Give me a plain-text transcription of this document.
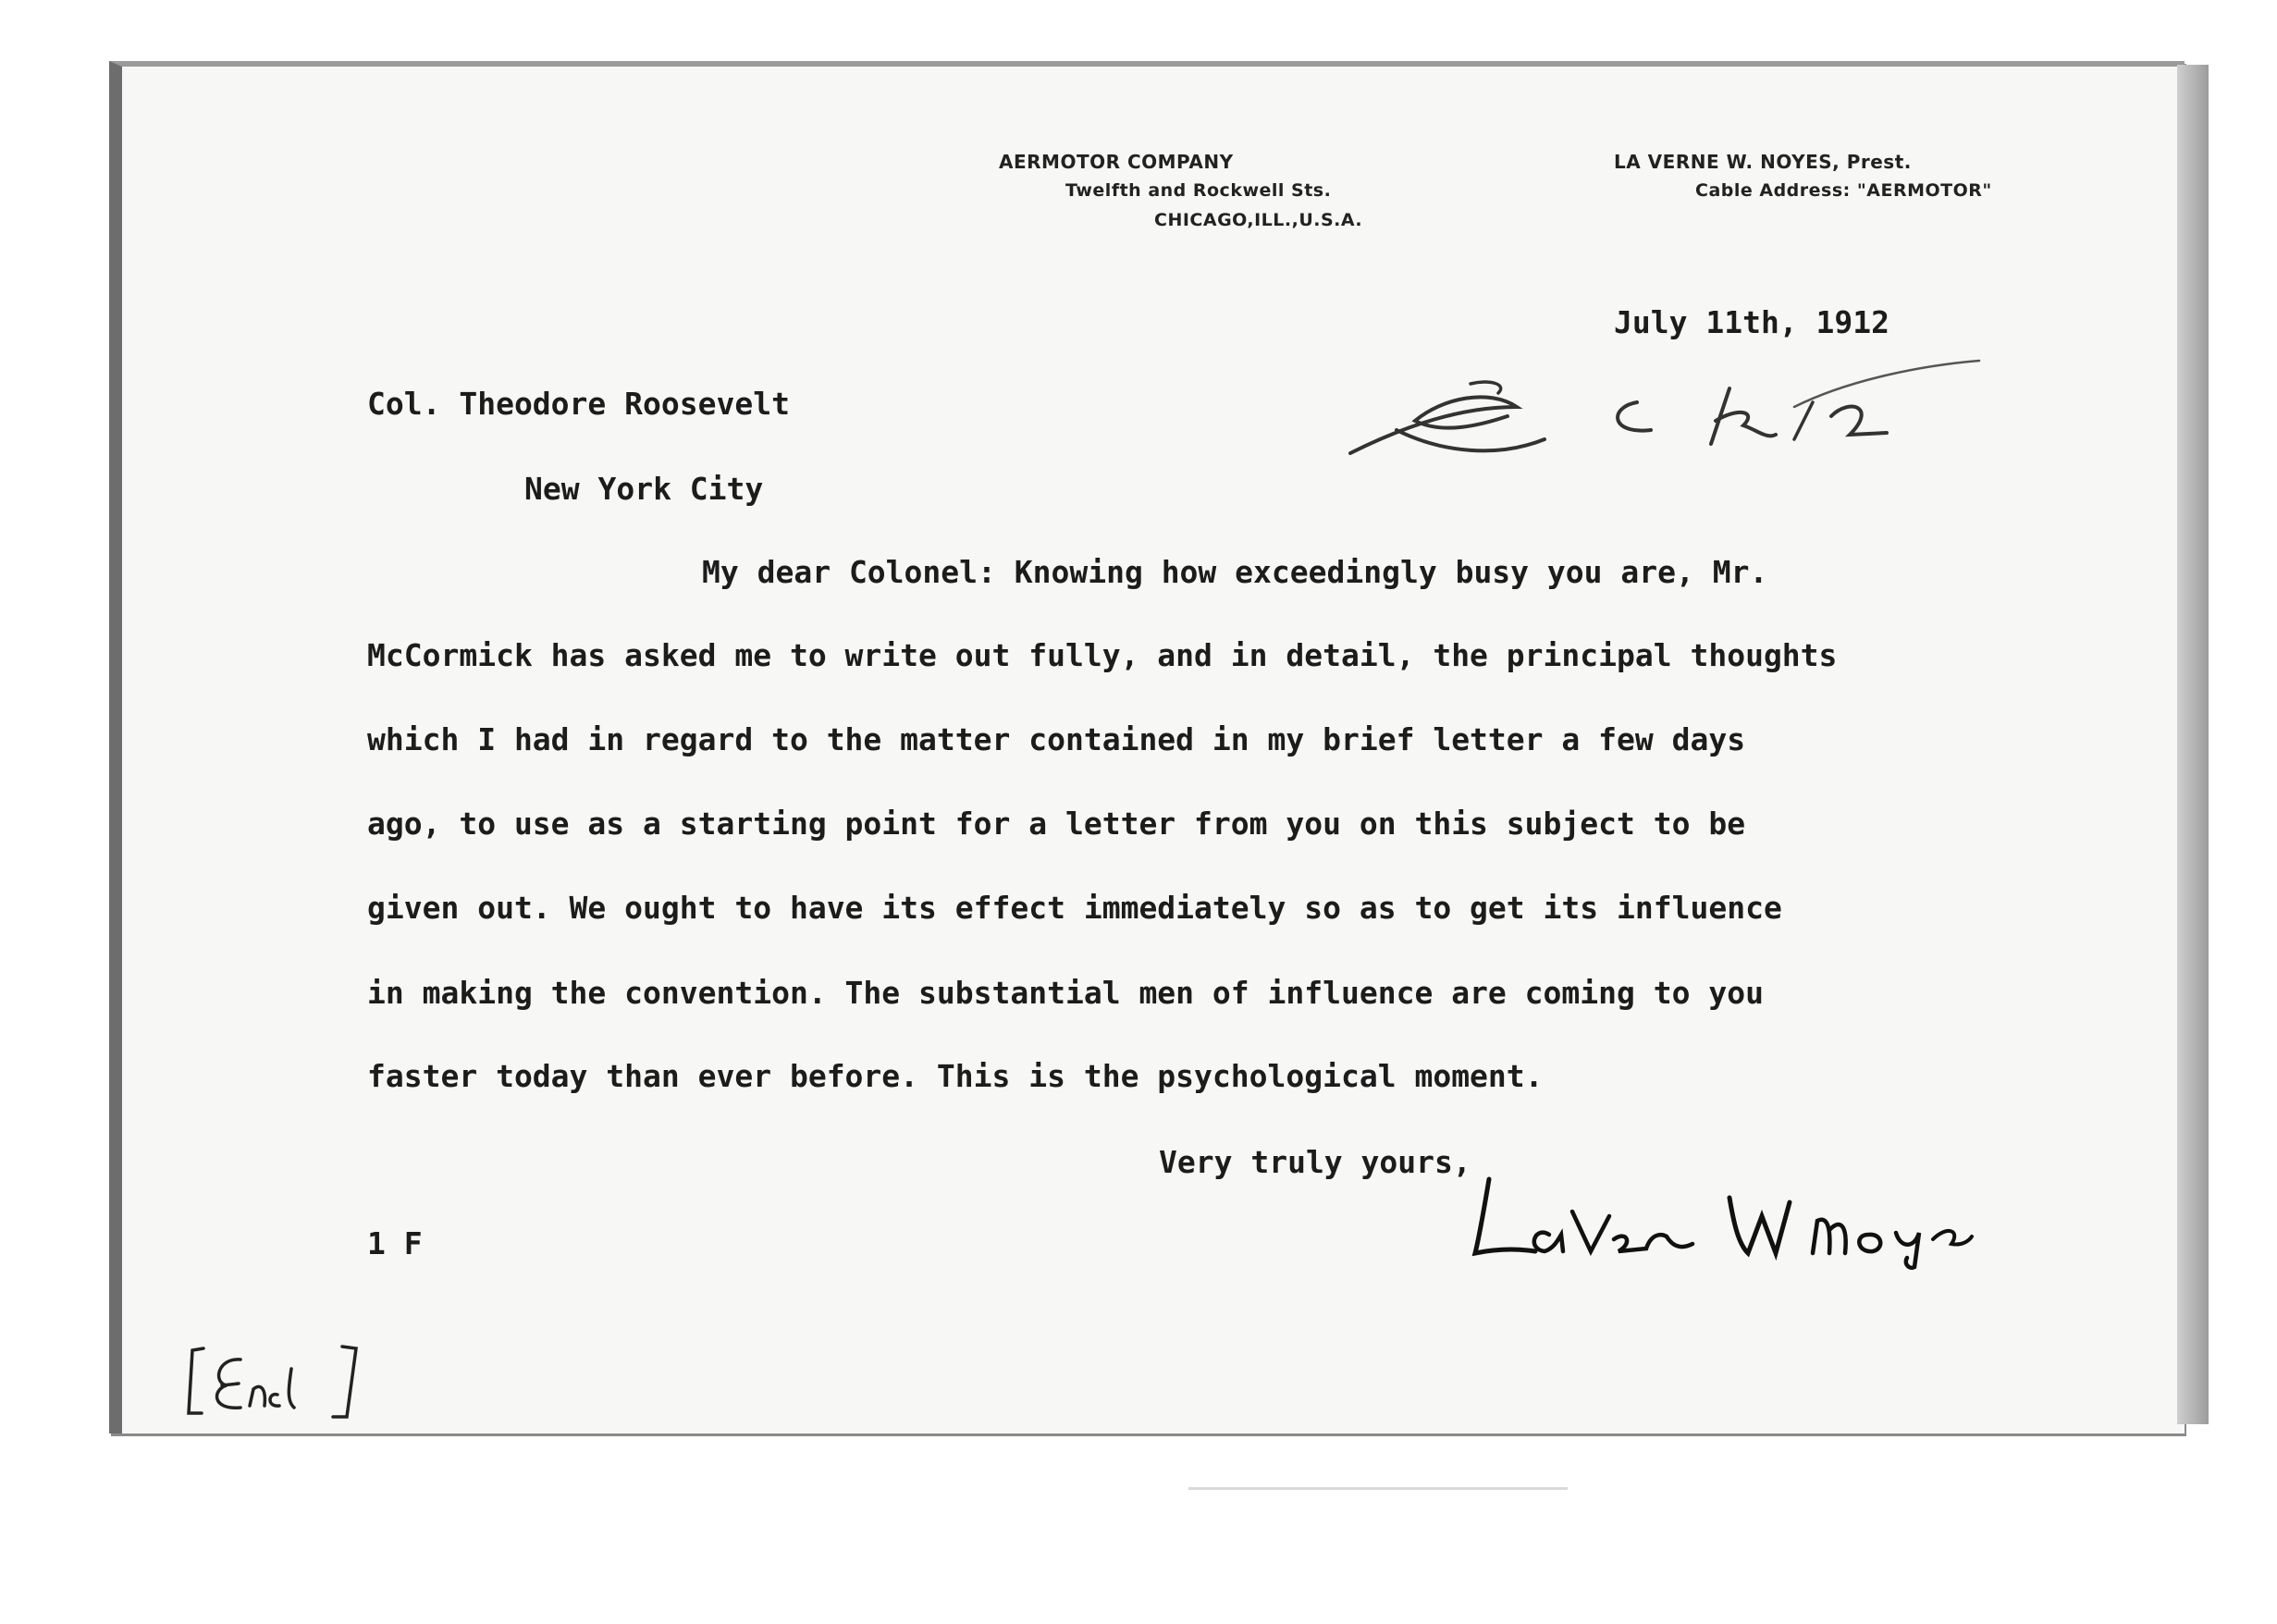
AERMOTOR COMPANY
Twelfth and Rockwell Sts.
CHICAGO,ILL.,U.S.A.
LA VERNE W. NOYES, Prest.
Cable Address: "AERMOTOR"
July 11th, 1912
Col. Theodore Roosevelt
New York City
My dear Colonel: Knowing how exceedingly busy you are, Mr.
McCormick has asked me to write out fully, and in detail, the principal thoughts
which I had in regard to the matter contained in my brief letter a few days
ago, to use as a starting point for a letter from you on this subject to be
given out. We ought to have its effect immediately so as to get its influence
in making the convention. The substantial men of influence are coming to you
faster today than ever before. This is the psychological moment.
Very truly yours,
1 F
